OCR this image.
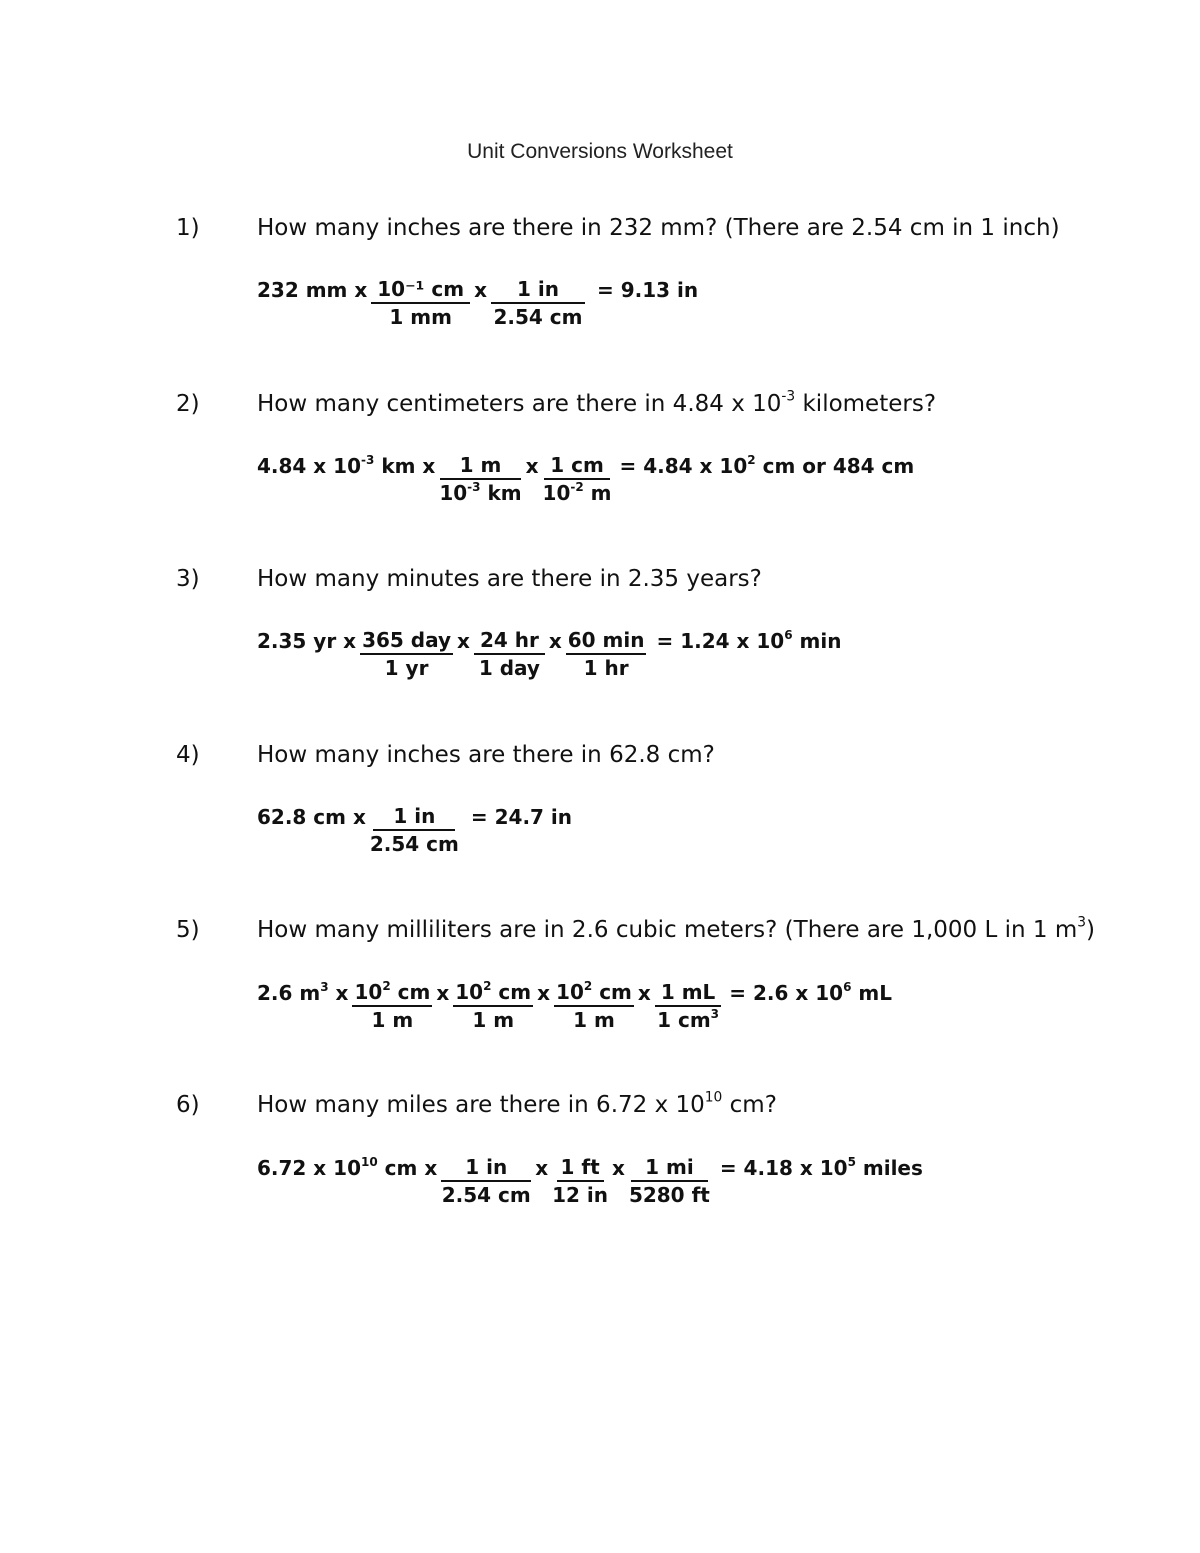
Unit Conversions Worksheet
1) How many inches are there in 232 mm? (There are 2.54 cm in 1 inch)
232 mm x $\frac{\text{10⁻¹ cm}}{1 mm}$ x $\frac{1 in}{2.54 cm} = 9.13$ in
2) How many centimeters are there in 4.84 x $10^{-3}$ kilometers?
4.84 x $10^{-3}$ km x $\frac{1 m}{10^{-3} km}$ x $\frac{1 cm}{10^{-2} m} = 4.84$ x $10^2$ cm or 484 cm
3) How many minutes are there in 2.35 years?
2.35 yr x $\frac{\text{365 day}}{1 yr}$ x $\frac{24 hr}{\text{1 day}}$ x $\frac{60 \min}{1 hr} = 1.24$ x $10^6$ min
4) How many inches are there in 62.8 cm?
62.8 cm x $\frac{1 in}{2.54 cm} = 24.7$ in
5) How many milliliters are in 2.6 cubic meters? (There are 1,000 L in 1 $m^3$)
2.6 $m^3$ x $\frac{10^2 cm}{1 m}$ x $\frac{10^2 cm}{1 m}$ x $\frac{10^2 cm}{1 m}$ x $\frac{1 mL}{1 cm^3} = 2.6$ x $10^6$ mL
6) How many miles are there in 6.72 x $10^{10}$ cm?
6.72 x $10^{10}$ cm x $\frac{1 in}{2.54 cm}$ x $\frac{1 ft}{12 in}$ x $\frac{1 mi}{5280 ft} = 4.18$ x $10^5$ miles
